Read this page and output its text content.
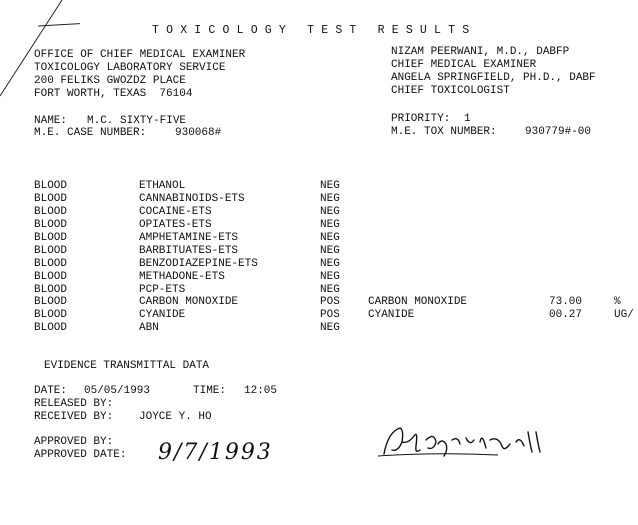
TOXICOLOGY TEST RESULTS
OFFICE OF CHIEF MEDICAL EXAMINER
TOXICOLOGY LABORATORY SERVICE
200 FELIKS GWOZDZ PLACE
FORT WORTH, TEXAS  76104
NIZAM PEERWANI, M.D., DABFP
CHIEF MEDICAL EXAMINER
ANGELA SPRINGFIELD, PH.D., DABF
CHIEF TOXICOLOGIST
NAME: M.C. SIXTY-FIVE
M.E. CASE NUMBER:	930068#
PRIORITY: 1
M.E. TOX NUMBER:	930779#-00
BLOOD	ETHANOL	NEG
BLOOD	CANNABINOIDS-ETS	NEG
BLOOD	COCAINE-ETS	NEG
BLOOD	OPIATES-ETS	NEG
BLOOD	AMPHETAMINE-ETS	NEG
BLOOD	BARBITUATES-ETS	NEG
BLOOD	BENZODIAZEPINE-ETS	NEG
BLOOD	METHADONE-ETS	NEG
BLOOD	PCP-ETS	NEG
BLOOD	CARBON MONOXIDE	POS	CARBON MONOXIDE	73.00	%
BLOOD	CYANIDE	POS	CYANIDE	00.27	UG/
BLOOD	ABN	NEG
EVIDENCE TRANSMITTAL DATA
DATE: 05/05/1993	TIME: 12:05
RELEASED BY:
RECEIVED BY: JOYCE Y. HO
APPROVED BY:
APPROVED DATE: 9/7/1993
